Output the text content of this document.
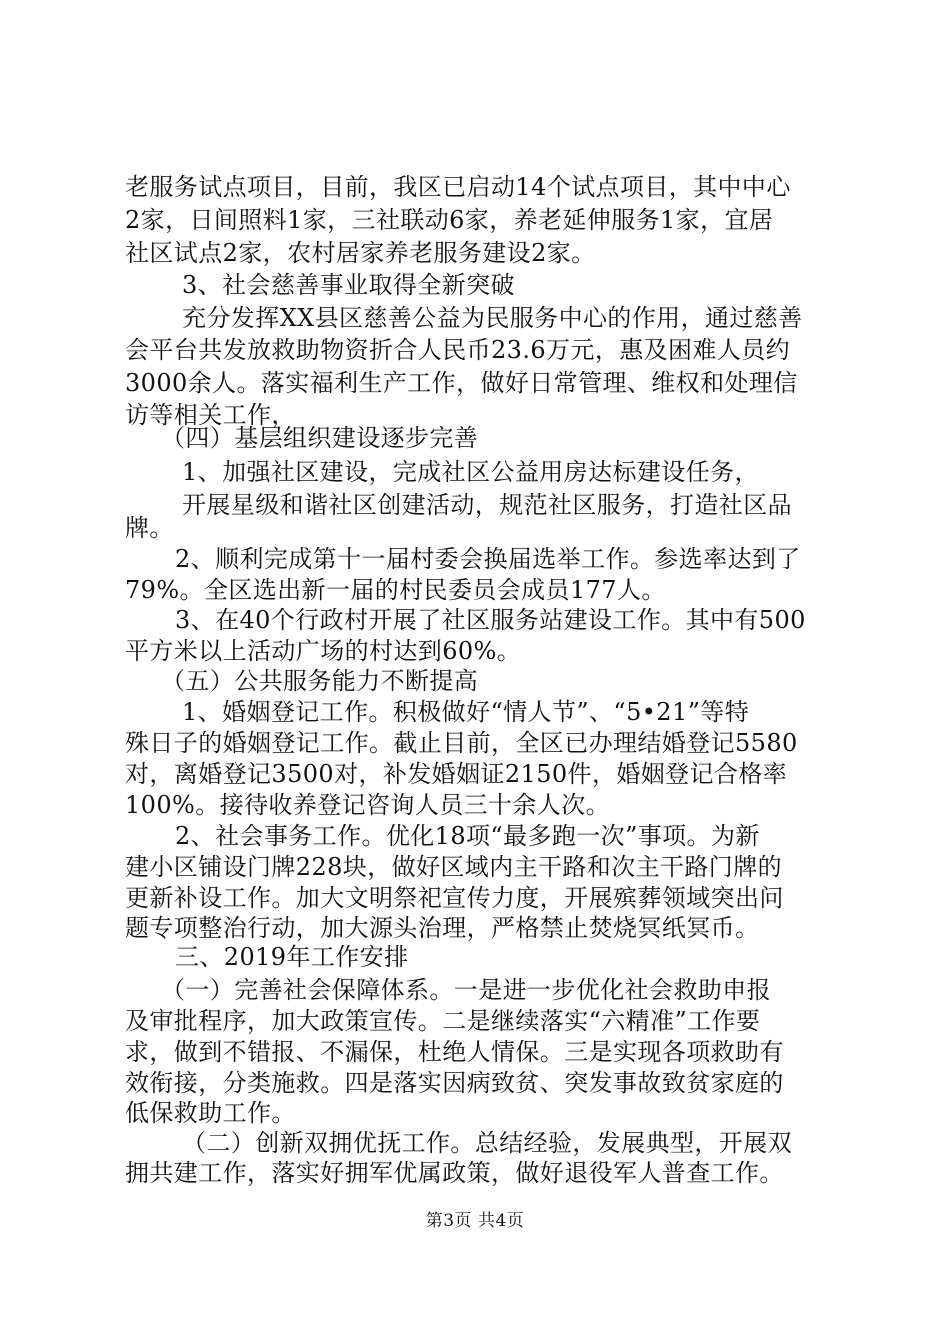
老服务试点项目，目前，我区已启动14个试点项目，其中中心
2家，日间照料1家，三社联动6家，养老延伸服务1家，宜居
社区试点2家，农村居家养老服务建设2家。
3、社会慈善事业取得全新突破
充分发挥XX县区慈善公益为民服务中心的作用，通过慈善
会平台共发放救助物资折合人民币23.6万元，惠及困难人员约
3000余人。落实福利生产工作，做好日常管理、维权和处理信
访等相关工作，
（四）基层组织建设逐步完善
1、加强社区建设，完成社区公益用房达标建设任务，
开展星级和谐社区创建活动，规范社区服务，打造社区品
牌。
2、顺利完成第十一届村委会换届选举工作。参选率达到了
79%。全区选出新一届的村民委员会成员177人。
3、在40个行政村开展了社区服务站建设工作。其中有500
平方米以上活动广场的村达到60%。
（五）公共服务能力不断提高
1、婚姻登记工作。积极做好“情人节”、“5•21”等特
殊日子的婚姻登记工作。截止目前，全区已办理结婚登记5580
对，离婚登记3500对，补发婚姻证2150件，婚姻登记合格率
100%。接待收养登记咨询人员三十余人次。
2、社会事务工作。优化18项“最多跑一次”事项。为新
建小区铺设门牌228块，做好区域内主干路和次主干路门牌的
更新补设工作。加大文明祭祀宣传力度，开展殡葬领域突出问
题专项整治行动，加大源头治理，严格禁止焚烧冥纸冥币。
三、2019年工作安排
（一）完善社会保障体系。一是进一步优化社会救助申报
及审批程序，加大政策宣传。二是继续落实“六精准”工作要
求，做到不错报、不漏保，杜绝人情保。三是实现各项救助有
效衔接，分类施救。四是落实因病致贫、突发事故致贫家庭的
低保救助工作。
（二）创新双拥优抚工作。总结经验，发展典型，开展双
拥共建工作，落实好拥军优属政策，做好退役军人普查工作。
第3页 共4页
